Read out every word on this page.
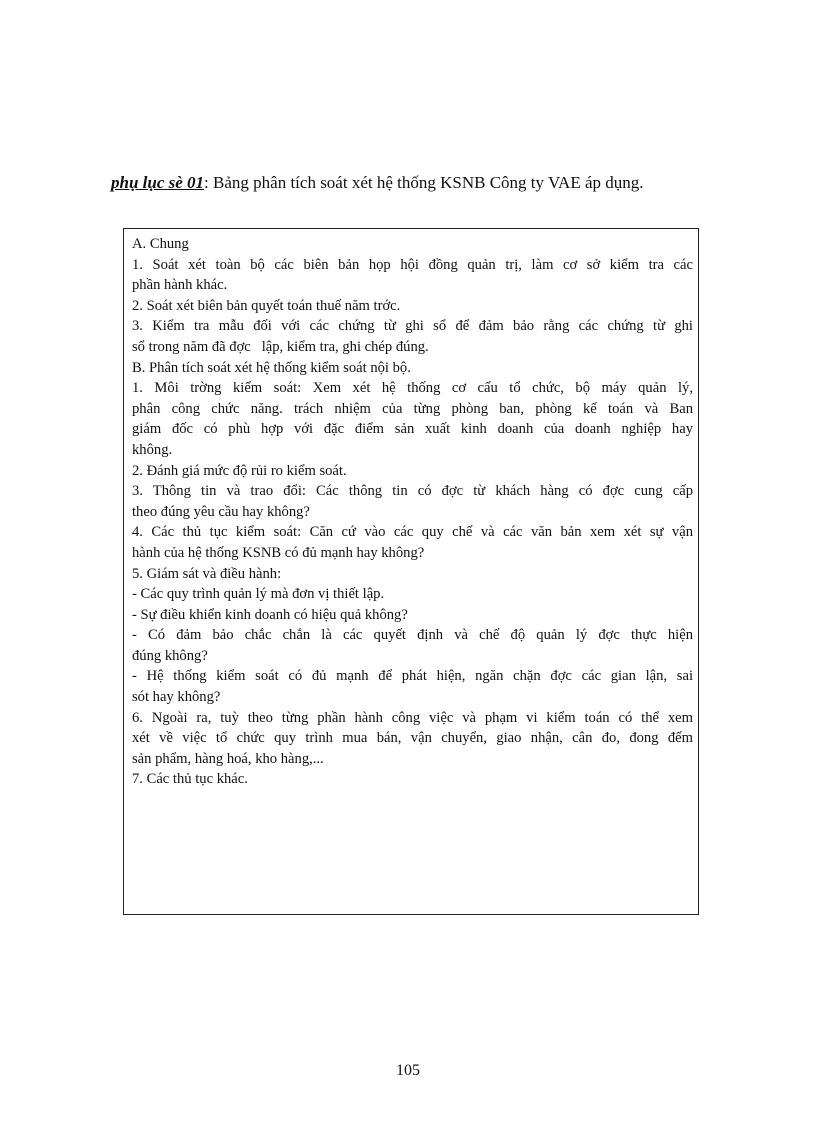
phụ lục sè 01: Bảng phân tích soát xét hệ thống KSNB Công ty VAE áp dụng.
A. Chung
1. Soát xét toàn bộ các biên bản họp hội đồng quản trị, làm cơ sở kiểm tra các
phần hành khác.
2. Soát xét biên bản quyết toán thuế năm trớc.
3. Kiểm tra mẫu đối với các chứng từ ghi sổ để đảm bảo rằng các chứng từ ghi
sổ trong năm đã đợc   lập, kiểm tra, ghi chép đúng.
B. Phân tích soát xét hệ thống kiểm soát nội bộ.
1. Môi trờng kiểm soát: Xem xét hệ thống cơ cấu tổ chức, bộ máy quản lý,
phân công chức năng. trách nhiệm của từng phòng ban, phòng kế toán và Ban
giám đốc có phù hợp với đặc điểm sản xuất kinh doanh của doanh nghiệp hay
không.
2. Đánh giá mức độ rủi ro kiểm soát.
3. Thông tin và trao đổi: Các thông tin có đợc từ khách hàng có đợc cung cấp
theo đúng yêu cầu hay không?
4. Các thủ tục kiểm soát: Căn cứ vào các quy chế và các văn bản xem xét sự vận
hành của hệ thống KSNB có đủ mạnh hay không?
5. Giám sát và điều hành:
- Các quy trình quản lý mà đơn vị thiết lập.
- Sự điều khiển kinh doanh có hiệu quả không?
- Có đảm bảo chắc chắn là các quyết định và chế độ quản lý đợc thực hiện
đúng không?
- Hệ thống kiểm soát có đủ mạnh để phát hiện, ngăn chặn đợc các gian lận, sai
sót hay không?
6. Ngoài ra, tuỳ theo từng phần hành công việc và phạm vi kiểm toán có thể xem
xét về việc tổ chức quy trình mua bán, vận chuyển, giao nhận, cân đo, đong đếm
sản phẩm, hàng hoá, kho hàng,...
7. Các thủ tục khác.
105
